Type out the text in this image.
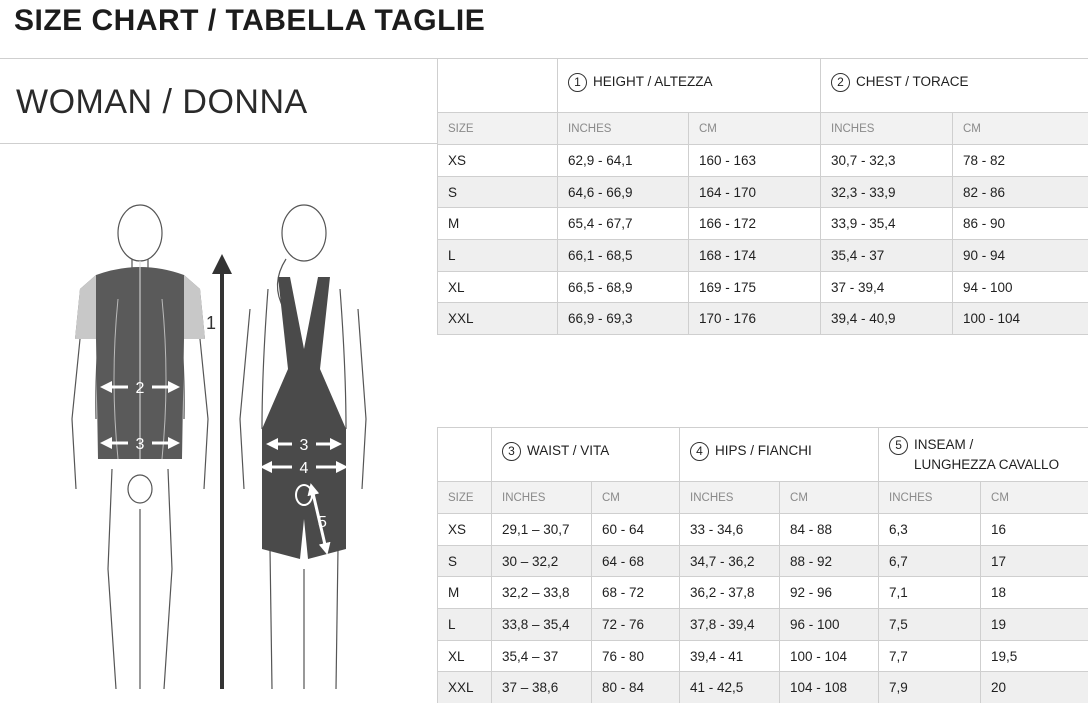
SIZE CHART / TABELLA TAGLIE
WOMAN / DONNA
2
3
1
3
4
5
	1 HEIGHT / ALTEZZA		2 CHEST / TORACE	
SIZE	INCHES	CM	INCHES	CM
XS	62,9 - 64,1	160 - 163	30,7 - 32,3	78 - 82
S	64,6 - 66,9	164 - 170	32,3 - 33,9	82 - 86
M	65,4 - 67,7	166 - 172	33,9 - 35,4	86 - 90
L	66,1 - 68,5	168 - 174	35,4 - 37	90 - 94
XL	66,5 - 68,9	169 - 175	37 - 39,4	94 - 100
XXL	66,9 - 69,3	170 - 176	39,4 - 40,9	100 - 104
	3 WAIST / VITA		4 HIPS / FIANCHI		5 INSEAM /
LUNGHEZZA CAVALLO	

SIZE	INCHES	CM	INCHES	CM	INCHES	CM
XS	29,1 – 30,7	60 - 64	33 - 34,6	84 - 88	6,3	16
S	30 – 32,2	64 - 68	34,7 - 36,2	88 - 92	6,7	17
M	32,2 – 33,8	68 - 72	36,2 - 37,8	92 - 96	7,1	18
L	33,8 – 35,4	72 - 76	37,8 - 39,4	96 - 100	7,5	19
XL	35,4 – 37	76 - 80	39,4 - 41	100 - 104	7,7	19,5
XXL	37 – 38,6	80 - 84	41 - 42,5	104 - 108	7,9	20
